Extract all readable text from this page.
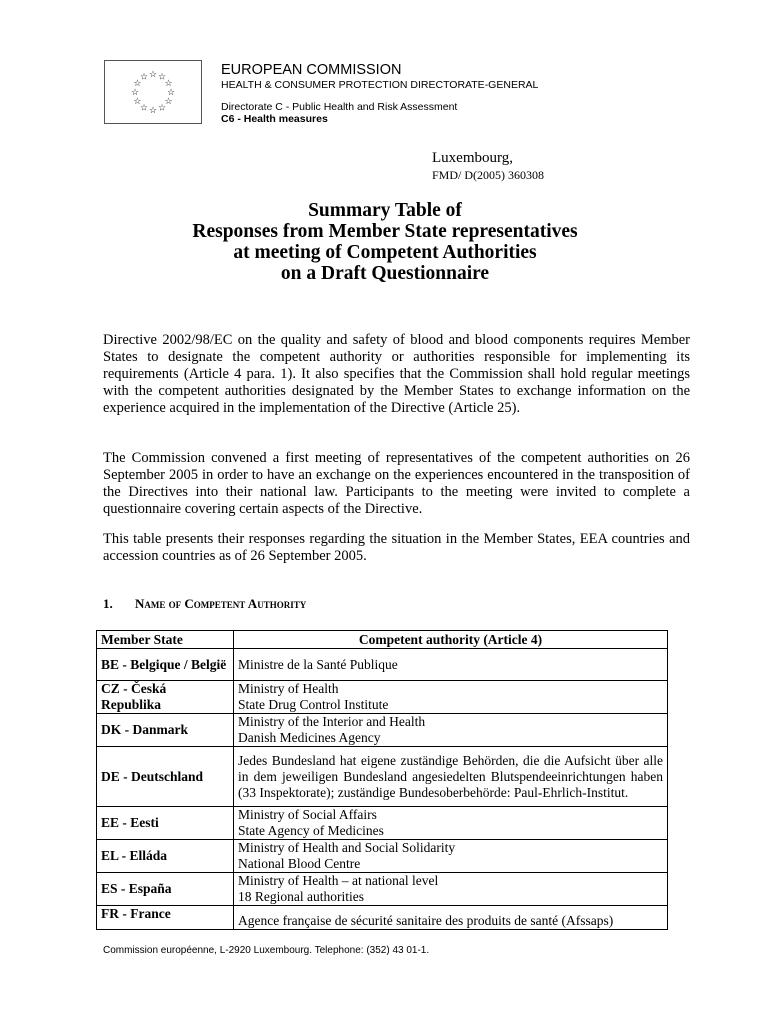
☆ ☆
☆
☆
☆
☆
☆
☆
☆
☆
☆
☆	EUROPEAN COMMISSION
HEALTH & CONSUMER PROTECTION DIRECTORATE-GENERAL
Directorate C - Public Health and Risk Assessment
C6 - Health measures
Luxembourg,
FMD/ D(2005) 360308
Summary Table of
Responses from Member State representatives
at meeting of Competent Authorities
on a Draft Questionnaire
Directive 2002/98/EC on the quality and safety of blood and blood components requires Member States to designate the competent authority or authorities responsible for implementing its requirements (Article 4 para. 1). It also specifies that the Commission shall hold regular meetings with the competent authorities designated by the Member States to exchange information on the experience acquired in the implementation of the Directive (Article 25).
The Commission convened a first meeting of representatives of the competent authorities on 26 September 2005 in order to have an exchange on the experiences encountered in the transposition of the Directives into their national law. Participants to the meeting were invited to complete a questionnaire covering certain aspects of the Directive.
This table presents their responses regarding the situation in the Member States, EEA countries and accession countries as of 26 September 2005.
1. Name of Competent Authority
Member State	Competent authority (Article 4)
BE - Belgique / België	Ministre de la Santé Publique

CZ - Česká Republika	Ministry of Health
State Drug Control Institute

DK - Danmark	Ministry of the Interior and Health
Danish Medicines Agency

DE - Deutschland	Jedes Bundesland hat eigene zuständige Behörden, die die Aufsicht über alle in dem jeweiligen Bundesland angesiedelten Blutspendeeinrichtungen haben (33 Inspektorate); zuständige Bundesoberbehörde: Paul-Ehrlich-Institut.

EE - Eesti	Ministry of Social Affairs
State Agency of Medicines

EL - Elláda	Ministry of Health and Social Solidarity
National Blood Centre

ES - España	Ministry of Health – at national level
18 Regional authorities

FR - France	Agence française de sécurité sanitaire des produits de santé (Afssaps)
Commission européenne, L-2920 Luxembourg. Telephone: (352) 43 01-1.
